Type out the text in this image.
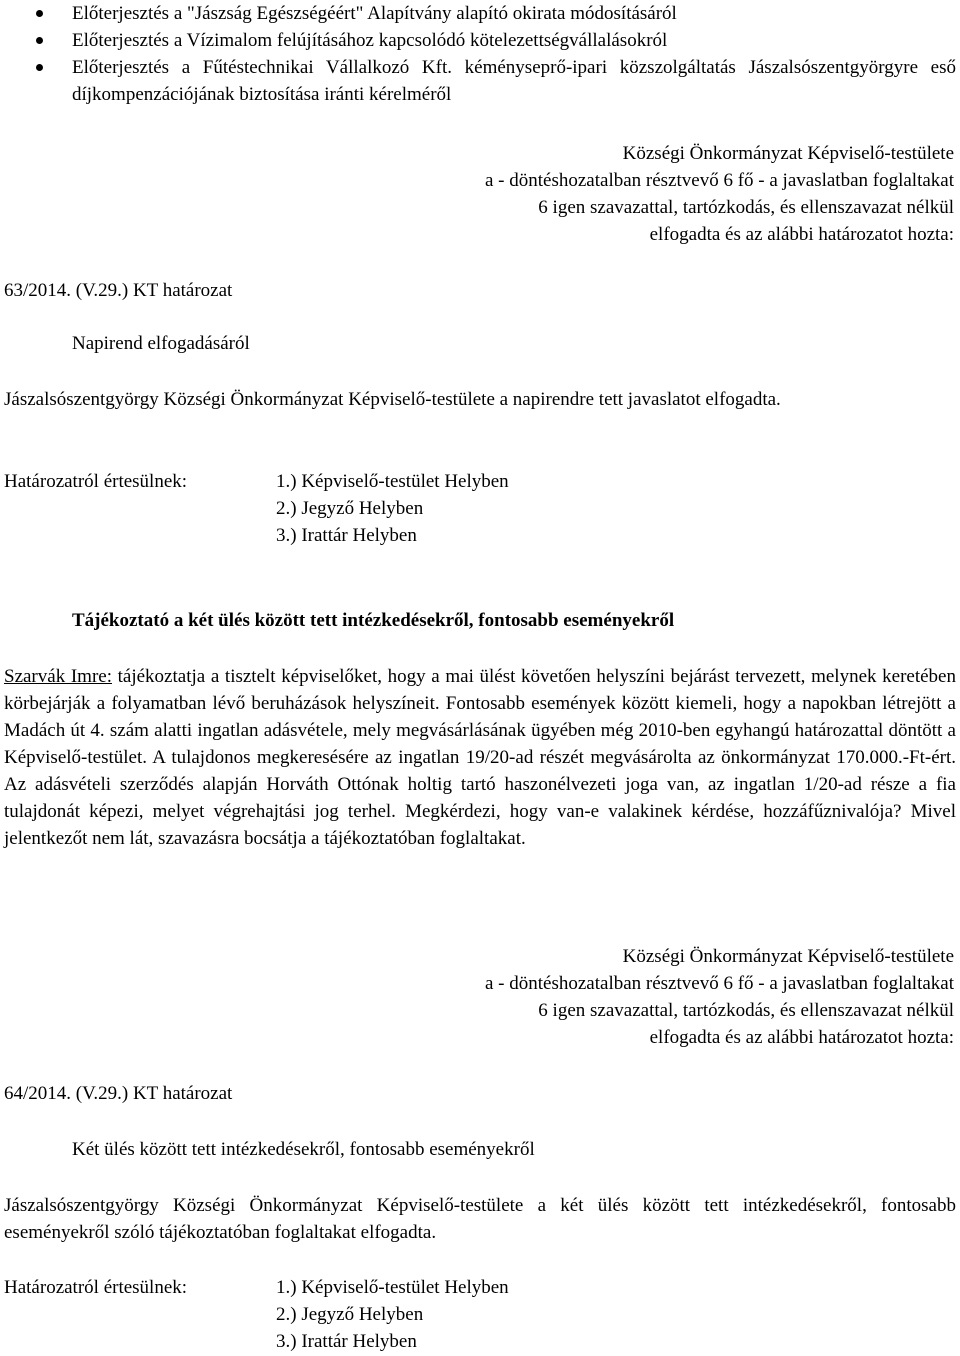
Előterjesztés a "Jászság Egészségéért" Alapítvány alapító okirata módosításáról
Előterjesztés a Vízimalom felújításához kapcsolódó kötelezettségvállalásokról
Előterjesztés a Fűtéstechnikai Vállalkozó Kft. kéményseprő-ipari közszolgáltatás Jászalsószentgyörgyre eső díjkompenzációjának biztosítása iránti kérelméről
Községi Önkormányzat Képviselő-testülete
a - döntéshozatalban résztvevő 6 fő - a javaslatban foglaltakat
6 igen szavazattal, tartózkodás, és ellenszavazat nélkül
elfogadta és az alábbi határozatot hozta:
63/2014. (V.29.) KT határozat
Napirend elfogadásáról
Jászalsószentgyörgy Községi Önkormányzat Képviselő-testülete a napirendre tett javaslatot elfogadta.
Határozatról értesülnek:	1.) Képviselő-testület Helyben
2.) Jegyző Helyben
3.) Irattár Helyben
Tájékoztató a két ülés között tett intézkedésekről, fontosabb eseményekről
Szarvák Imre: tájékoztatja a tisztelt képviselőket, hogy a mai ülést követően helyszíni bejárást tervezett, melynek keretében körbejárják a folyamatban lévő beruházások helyszíneit. Fontosabb események között kiemeli, hogy a napokban létrejött a Madách út 4. szám alatti ingatlan adásvétele, mely megvásárlásának ügyében még 2010-ben egyhangú határozattal döntött a Képviselő-testület. A tulajdonos megkeresésére az ingatlan 19/20-ad részét megvásárolta az önkormányzat 170.000.-Ft-ért. Az adásvételi szerződés alapján Horváth Ottónak holtig tartó haszonélvezeti joga van, az ingatlan 1/20-ad része a fia tulajdonát képezi, melyet végrehajtási jog terhel. Megkérdezi, hogy van-e valakinek kérdése, hozzáfűznivalója? Mivel jelentkezőt nem lát, szavazásra bocsátja a tájékoztatóban foglaltakat.
Községi Önkormányzat Képviselő-testülete
a - döntéshozatalban résztvevő 6 fő - a javaslatban foglaltakat
6 igen szavazattal, tartózkodás, és ellenszavazat nélkül
elfogadta és az alábbi határozatot hozta:
64/2014. (V.29.) KT határozat
Két ülés között tett intézkedésekről, fontosabb eseményekről
Jászalsószentgyörgy Községi Önkormányzat Képviselő-testülete a két ülés között tett intézkedésekről, fontosabb eseményekről szóló tájékoztatóban foglaltakat elfogadta.
Határozatról értesülnek:	1.) Képviselő-testület Helyben
2.) Jegyző Helyben
3.) Irattár Helyben
